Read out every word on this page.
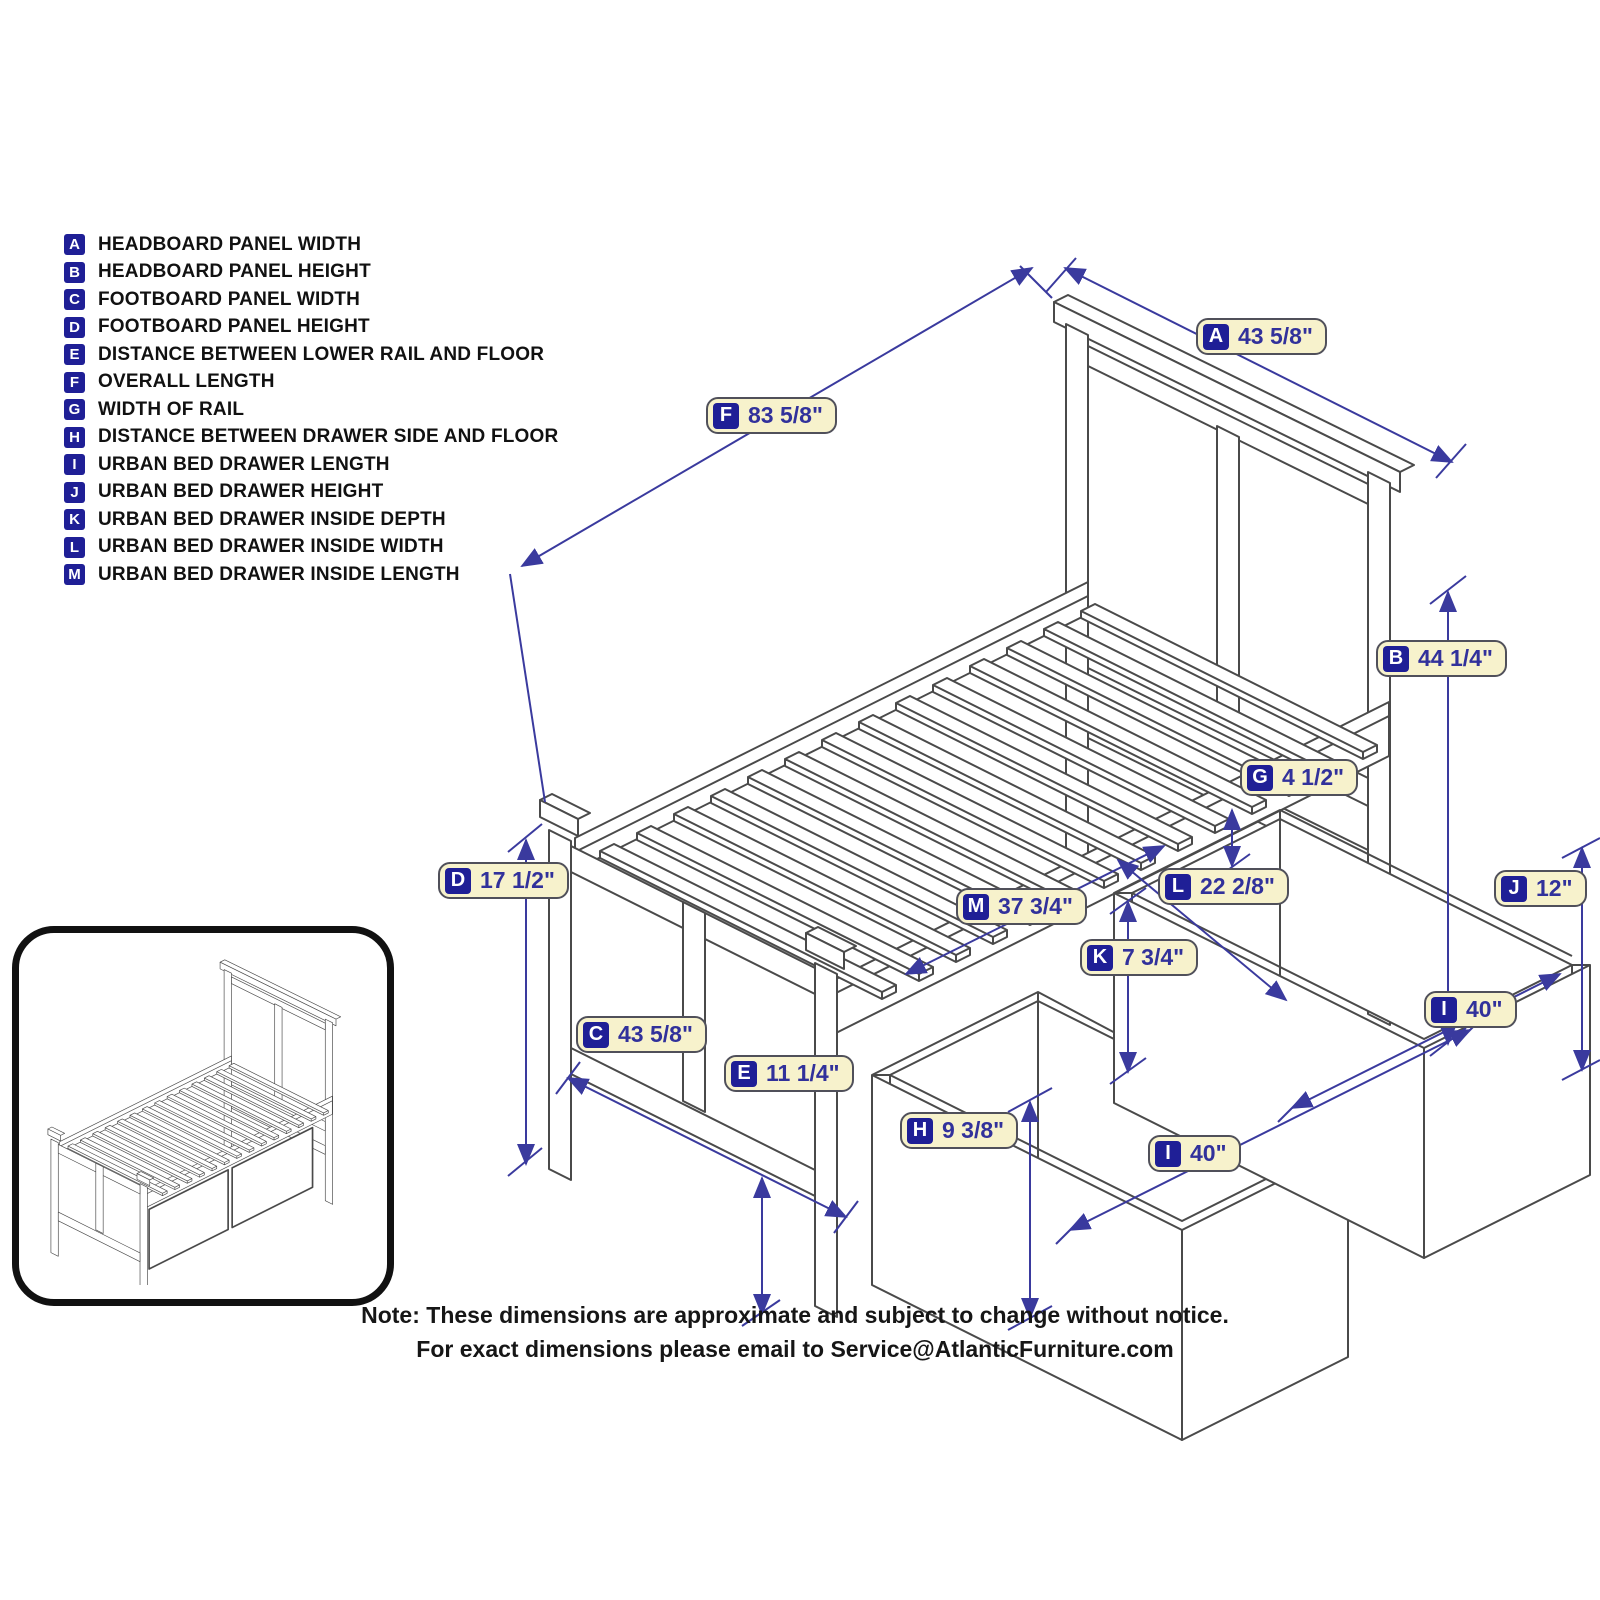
A HEADBOARD PANEL WIDTH
B HEADBOARD PANEL HEIGHT
C FOOTBOARD PANEL WIDTH
D FOOTBOARD PANEL HEIGHT
E DISTANCE BETWEEN LOWER RAIL AND FLOOR
F OVERALL LENGTH
G WIDTH OF RAIL
H DISTANCE BETWEEN DRAWER SIDE AND FLOOR
I	URBAN BED DRAWER LENGTH
J	URBAN BED DRAWER HEIGHT
K URBAN BED DRAWER INSIDE DEPTH
L URBAN BED DRAWER INSIDE WIDTH
M URBAN BED DRAWER INSIDE LENGTH
A 43 5/8"
F 83 5/8"
B 44 1/4"
G 4 1/2"
L 22 2/8"
M 37 3/4"
K 7 3/4"
J 12"
D 17 1/2"
C 43 5/8"
E 11 1/4"
H 9 3/8"
I 40"
I 40"
Note: These dimensions are approximate and subject to change without notice.
For exact dimensions please email to Service@AtlanticFurniture.com
